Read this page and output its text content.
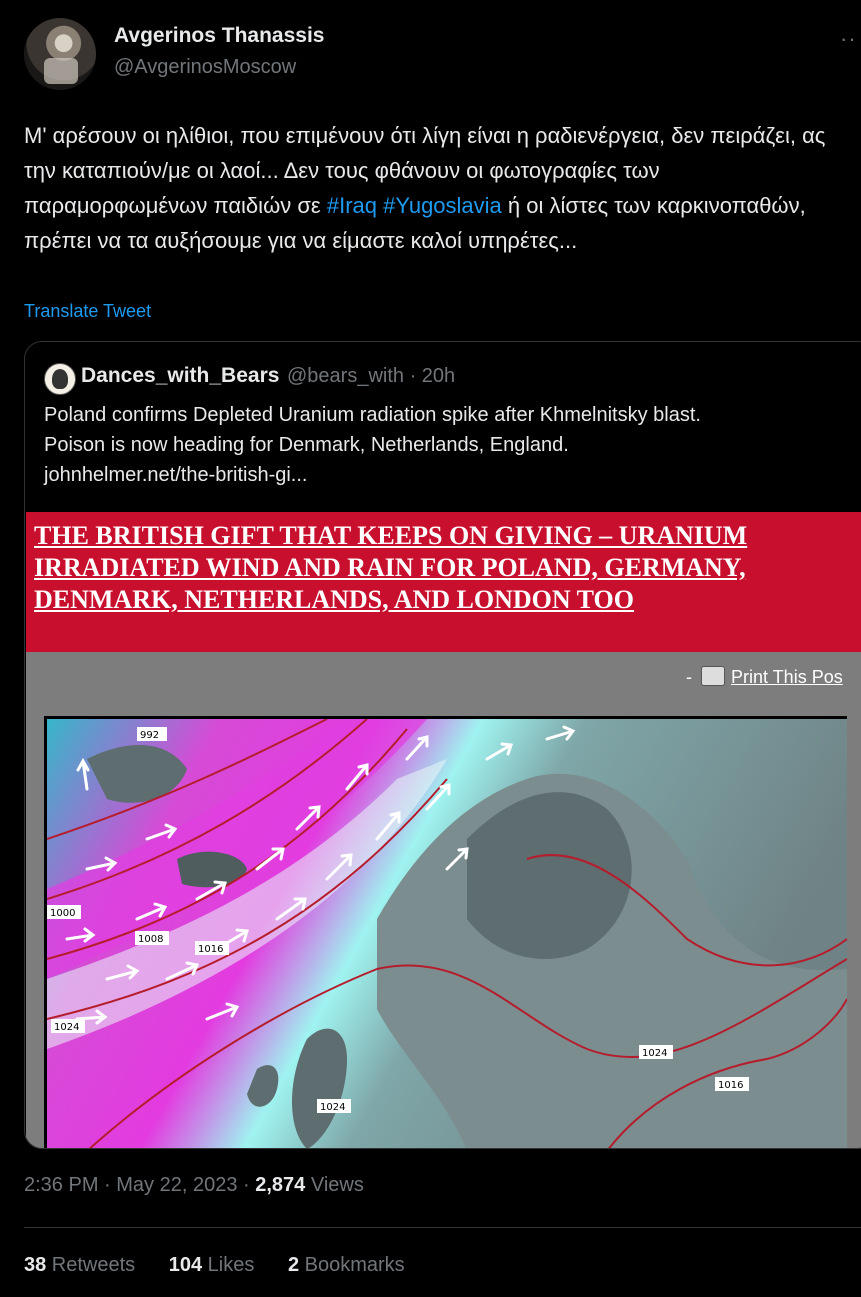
Avgerinos Thanassis
@AvgerinosMoscow
··

Μ' αρέσουν οι ηλίθιοι, που επιμένουν ότι λίγη είναι η ραδιενέργεια, δεν πειράζει, ας την καταπιούν/με οι λαοί... Δεν τους φθάνουν οι φωτογραφίες των παραμορφωμένων παιδιών σε #Iraq #Yugoslavia ή οι λίστες των καρκινοπαθών, πρέπει να τα αυξήσουμε για να είμαστε καλοί υπηρέτες...

Translate Tweet
Dances_with_Bears @bears_with · 20h
Poland confirms Depleted Uranium radiation spike after Khmelnitsky blast.
Poison is now heading for Denmark, Netherlands, England.
johnhelmer.net/the-british-gi...
THE BRITISH GIFT THAT KEEPS ON GIVING – URANIUM IRRADIATED WIND AND RAIN FOR POLAND, GERMANY, DENMARK, NETHERLANDS, AND LONDON TOO
- Print This Pos
992
1000
1008
1016
1024
1024
1024
1016
2:36 PM · May 22, 2023 · 2,874 Views
38 Retweets 104 Likes 2 Bookmarks
